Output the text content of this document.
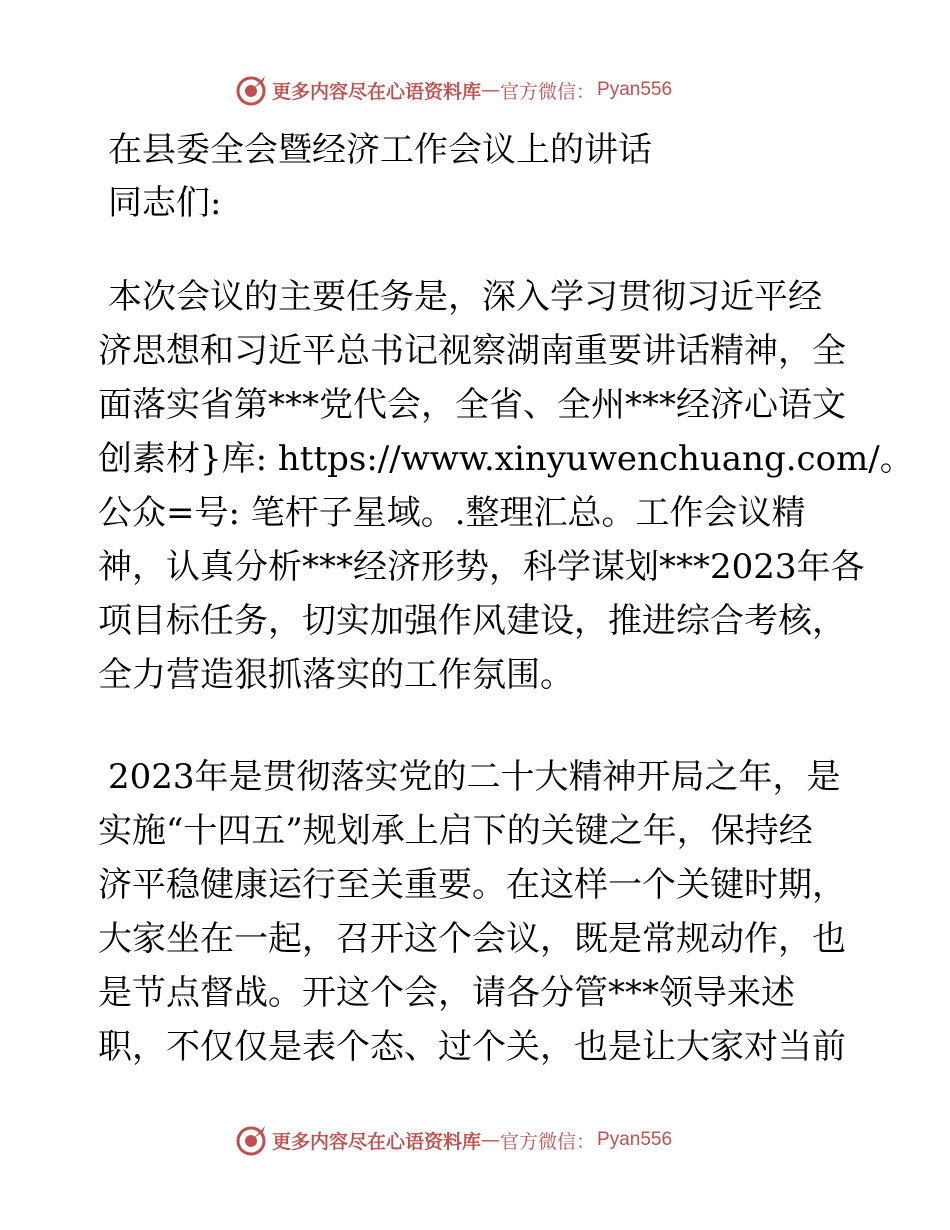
更多内容尽在心语资料库 — 官方微信： Pyan556
在县委全会暨经济工作会议上的讲话
同志们:
本次会议的主要任务是，深入学习贯彻习近平经
济思想和习近平总书记视察湖南重要讲话精神，全
面落实省第***党代会，全省、全州***经济心语文
创素材}库: https://www.xinyuwenchuang.com/。
公众=号: 笔杆子星域。.整理汇总。工作会议精
神，认真分析***经济形势，科学谋划***2023年各
项目标任务，切实加强作风建设，推进综合考核，
全力营造狠抓落实的工作氛围。
2023年是贯彻落实党的二十大精神开局之年，是
实施“十四五”规划承上启下的关键之年，保持经
济平稳健康运行至关重要。在这样一个关键时期，
大家坐在一起，召开这个会议，既是常规动作，也
是节点督战。开这个会，请各分管***领导来述
职，不仅仅是表个态、过个关，也是让大家对当前
更多内容尽在心语资料库 — 官方微信： Pyan556
